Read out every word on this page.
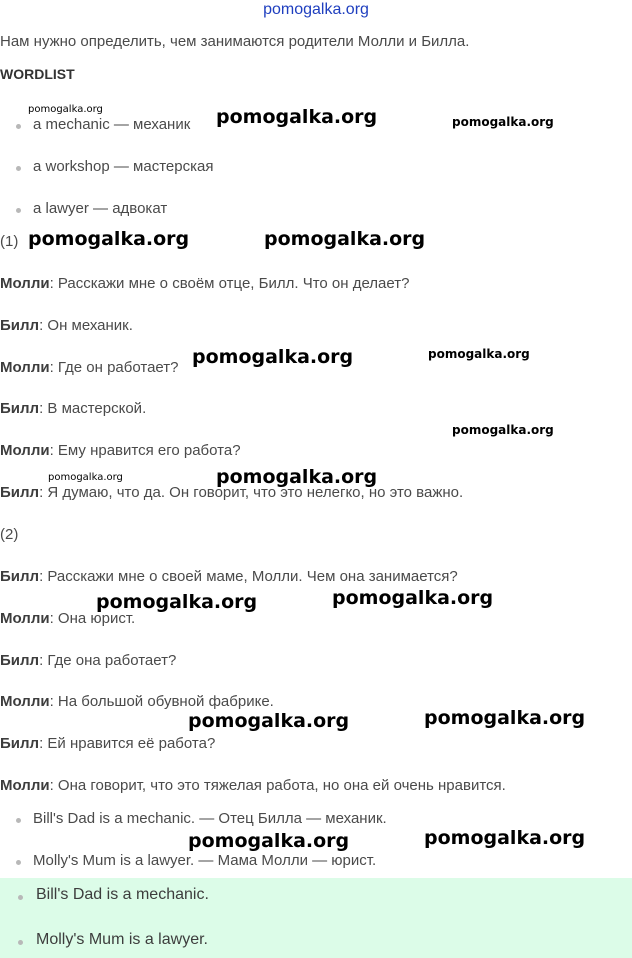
pomogalka.org
Нам нужно определить, чем занимаются родители Молли и Билла.
WORDLIST
a mechanic — механик
a workshop — мастерская
a lawyer — адвокат
(1)
Молли: Расскажи мне о своём отце, Билл. Что он делает?
Билл: Он механик.
Молли: Где он работает?
Билл: В мастерской.
Молли: Ему нравится его работа?
Билл: Я думаю, что да. Он говорит, что это нелегко, но это важно.
(2)
Билл: Расскажи мне о своей маме, Молли. Чем она занимается?
Молли: Она юрист.
Билл: Где она работает?
Молли: На большой обувной фабрике.
Билл: Ей нравится её работа?
Молли: Она говорит, что это тяжелая работа, но она ей очень нравится.
Bill's Dad is a mechanic. — Отец Билла — механик.
Molly's Mum is a lawyer. — Мама Молли — юрист.
Bill's Dad is a mechanic.
Molly's Mum is a lawyer.
pomogalka.org	pomogalka.org	pomogalka.org
pomogalka.org	pomogalka.org
pomogalka.org	pomogalka.org
pomogalka.org
pomogalka.org	pomogalka.org
pomogalka.org	pomogalka.org
pomogalka.org	pomogalka.org
pomogalka.org	pomogalka.org
